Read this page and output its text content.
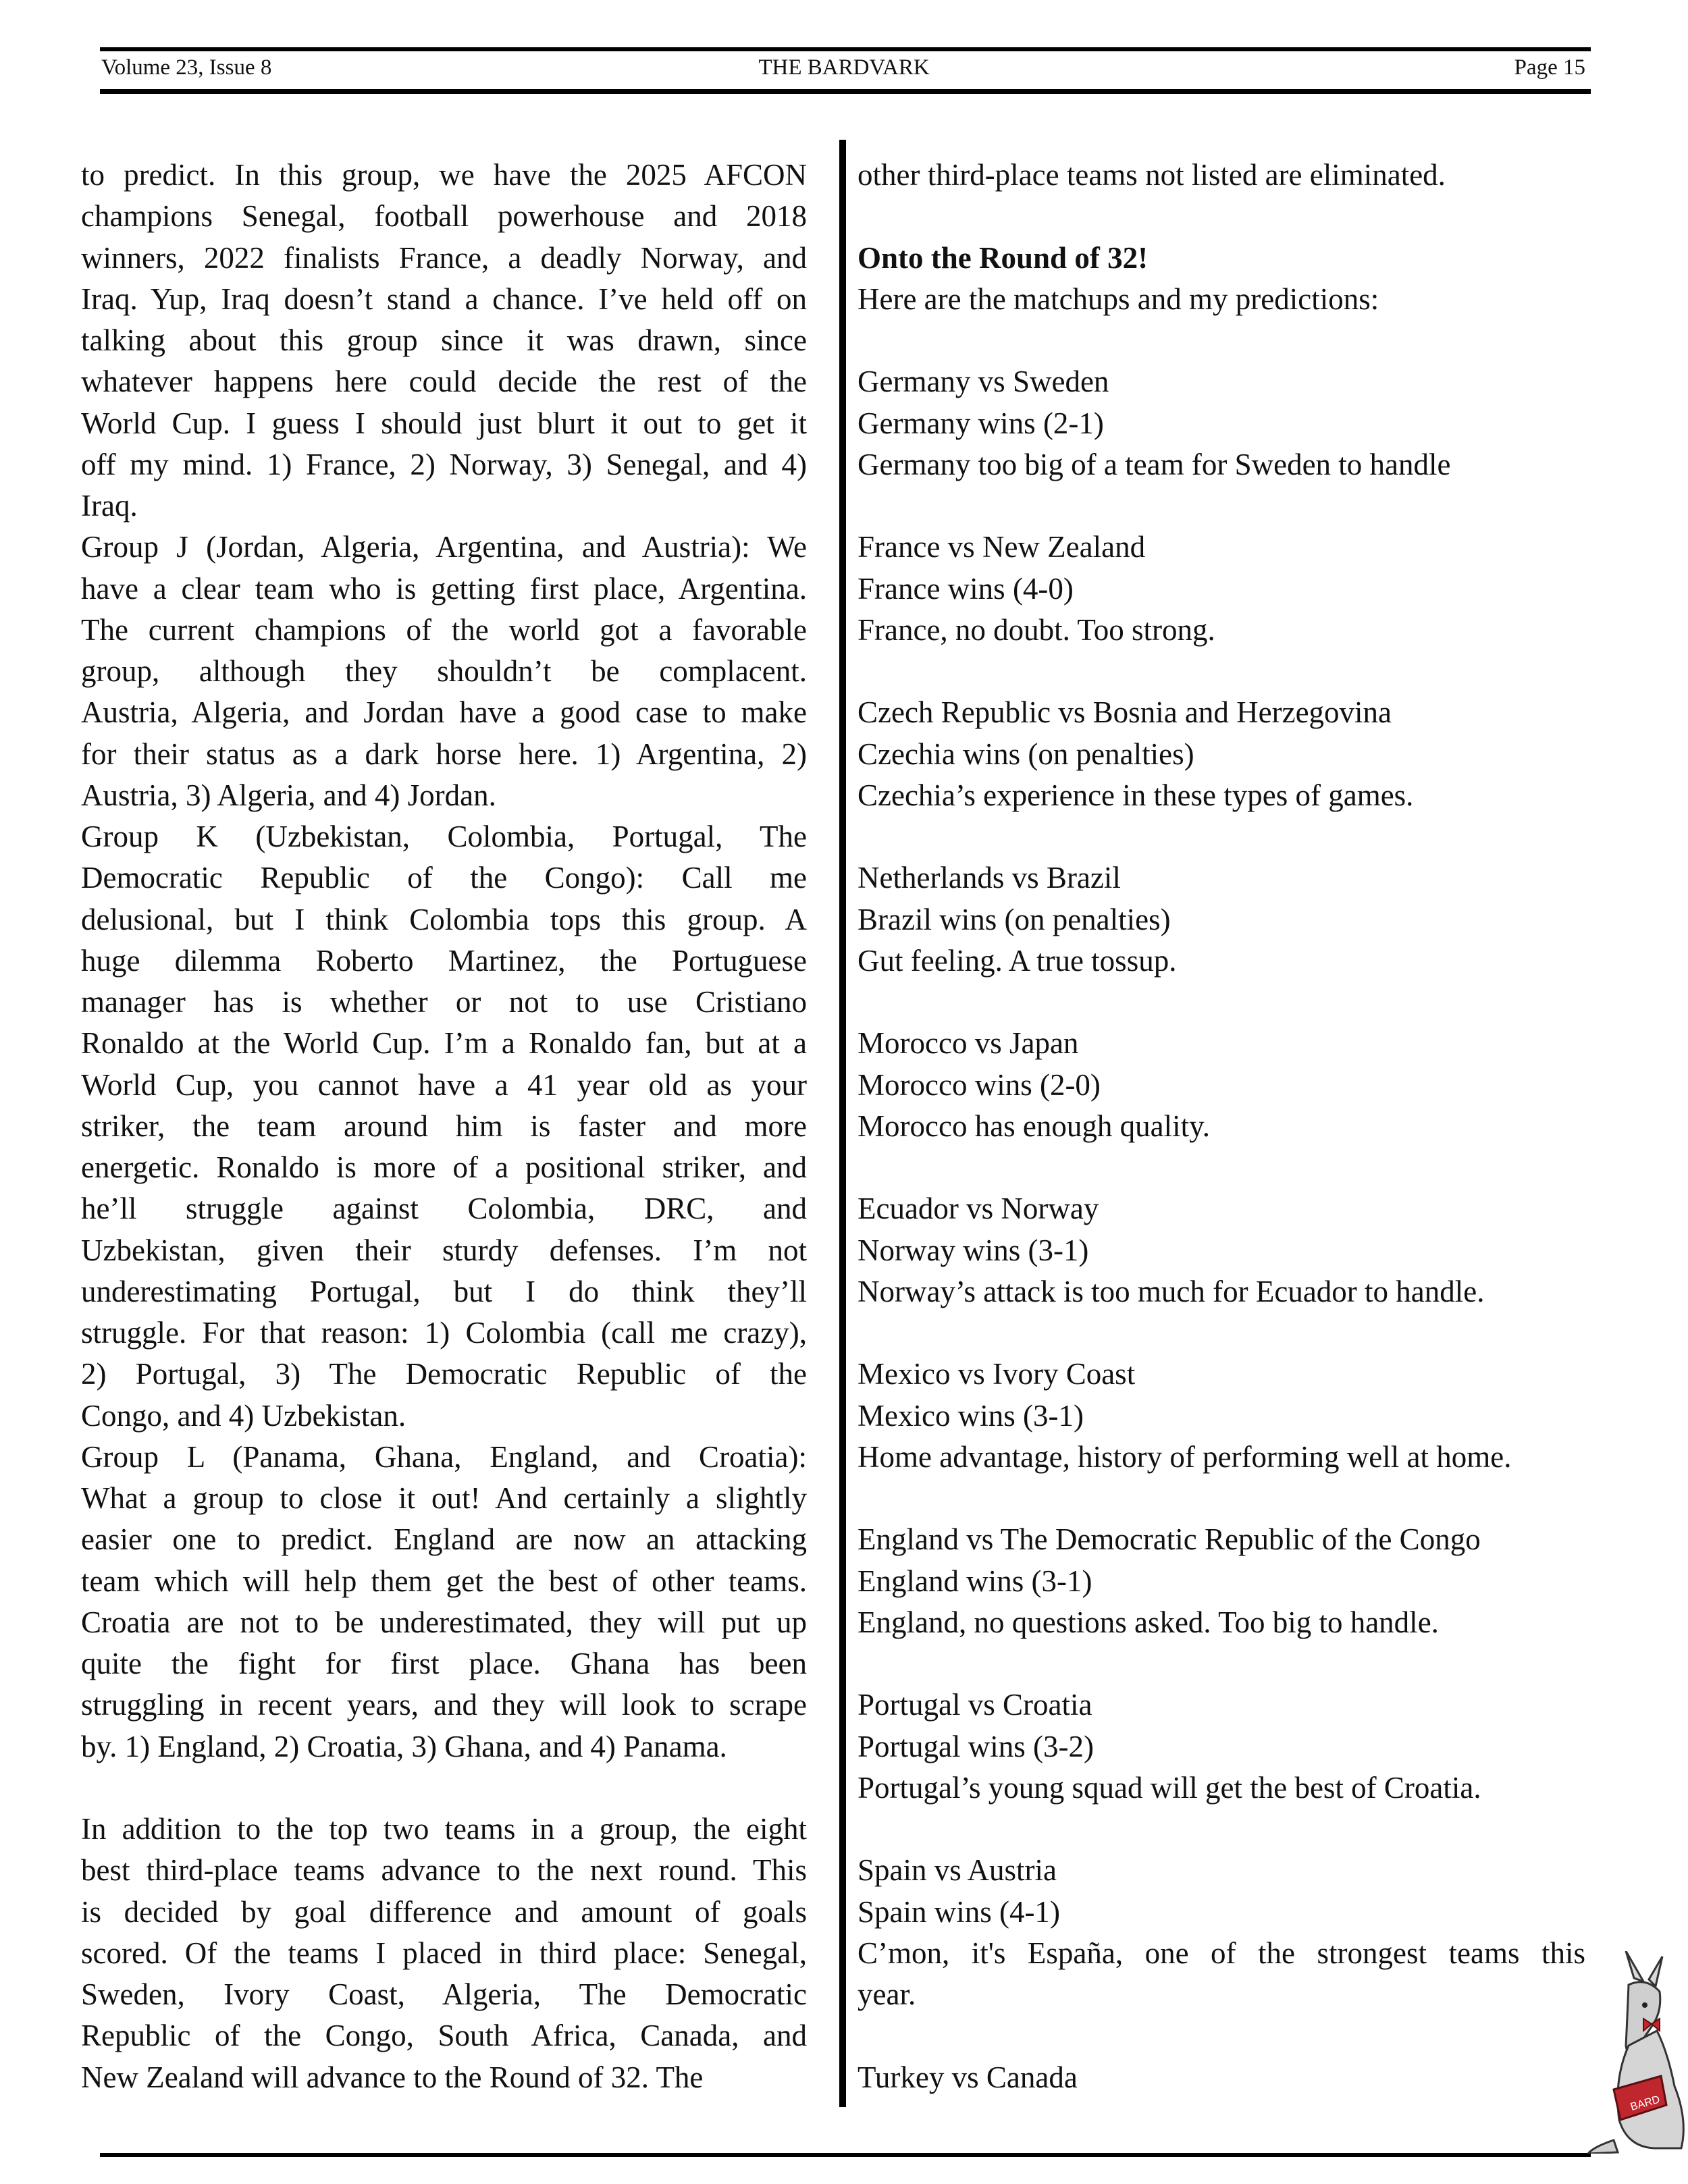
Volume 23, Issue 8	THE BARDVARK	Page 15
to predict. In this group, we have the 2025 AFCON
champions Senegal, football powerhouse and 2018
winners, 2022 finalists France, a deadly Norway, and
Iraq. Yup, Iraq doesn’t stand a chance. I’ve held off on
talking about this group since it was drawn, since
whatever happens here could decide the rest of the
World Cup. I guess I should just blurt it out to get it
off my mind. 1) France, 2) Norway, 3) Senegal, and 4)
Iraq.
Group J (Jordan, Algeria, Argentina, and Austria): We
have a clear team who is getting first place, Argentina.
The current champions of the world got a favorable
group, although they shouldn’t be complacent.
Austria, Algeria, and Jordan have a good case to make
for their status as a dark horse here. 1) Argentina, 2)
Austria, 3) Algeria, and 4) Jordan.
Group K (Uzbekistan, Colombia, Portugal, The
Democratic Republic of the Congo): Call me
delusional, but I think Colombia tops this group. A
huge dilemma Roberto Martinez, the Portuguese
manager has is whether or not to use Cristiano
Ronaldo at the World Cup. I’m a Ronaldo fan, but at a
World Cup, you cannot have a 41 year old as your
striker, the team around him is faster and more
energetic. Ronaldo is more of a positional striker, and
he’ll struggle against Colombia, DRC, and
Uzbekistan, given their sturdy defenses. I’m not
underestimating Portugal, but I do think they’ll
struggle. For that reason: 1) Colombia (call me crazy),
2) Portugal, 3) The Democratic Republic of the
Congo, and 4) Uzbekistan.
Group L (Panama, Ghana, England, and Croatia):
What a group to close it out! And certainly a slightly
easier one to predict. England are now an attacking
team which will help them get the best of other teams.
Croatia are not to be underestimated, they will put up
quite the fight for first place. Ghana has been
struggling in recent years, and they will look to scrape
by. 1) England, 2) Croatia, 3) Ghana, and 4) Panama.
In addition to the top two teams in a group, the eight
best third-place teams advance to the next round. This
is decided by goal difference and amount of goals
scored. Of the teams I placed in third place: Senegal,
Sweden, Ivory Coast, Algeria, The Democratic
Republic of the Congo, South Africa, Canada, and
New Zealand will advance to the Round of 32. The
other third-place teams not listed are eliminated.
Onto the Round of 32!
Here are the matchups and my predictions:
Germany vs Sweden
Germany wins (2-1)
Germany too big of a team for Sweden to handle
France vs New Zealand
France wins (4-0)
France, no doubt. Too strong.
Czech Republic vs Bosnia and Herzegovina
Czechia wins (on penalties)
Czechia’s experience in these types of games.
Netherlands vs Brazil
Brazil wins (on penalties)
Gut feeling. A true tossup.
Morocco vs Japan
Morocco wins (2-0)
Morocco has enough quality.
Ecuador vs Norway
Norway wins (3-1)
Norway’s attack is too much for Ecuador to handle.
Mexico vs Ivory Coast
Mexico wins (3-1)
Home advantage, history of performing well at home.
England vs The Democratic Republic of the Congo
England wins (3-1)
England, no questions asked. Too big to handle.
Portugal vs Croatia
Portugal wins (3-2)
Portugal’s young squad will get the best of Croatia.
Spain vs Austria
Spain wins (4-1)
C’mon, it's España, one of the strongest teams this
year.
Turkey vs Canada
BARD
